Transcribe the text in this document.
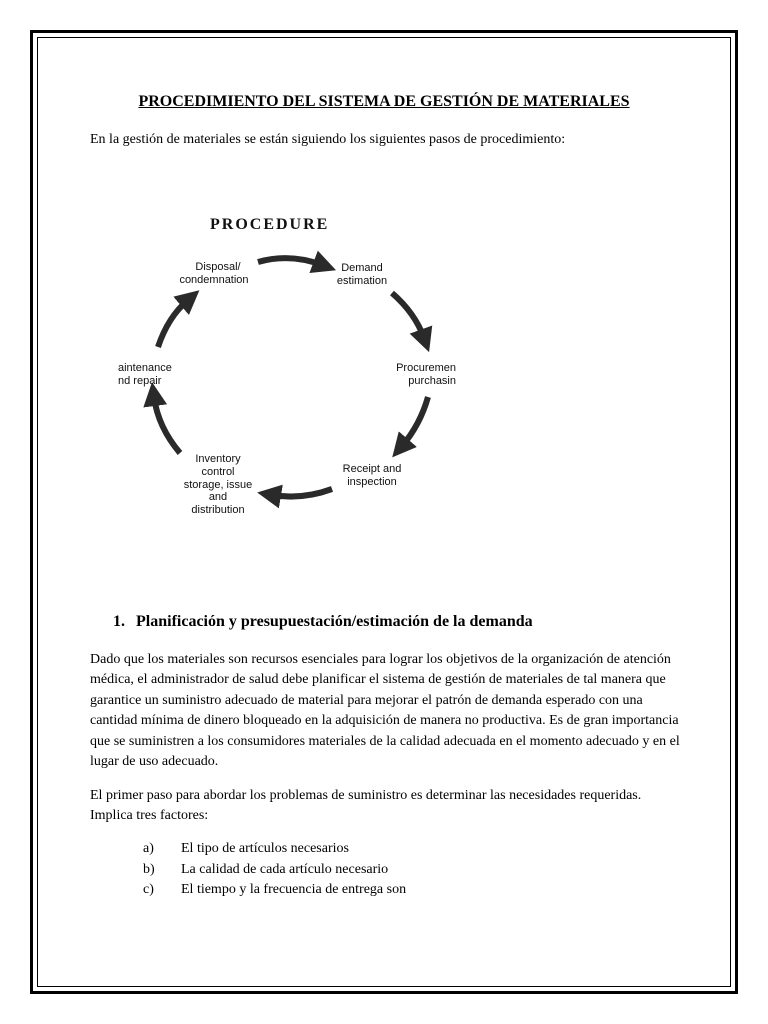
PROCEDIMIENTO DEL SISTEMA DE GESTIÓN DE MATERIALES

En la gestión de materiales se están siguiendo los siguientes pasos de procedimiento:

PROCEDURE
Disposal/
condemnation
Demand
estimation
Procuremen
purchasin
Receipt and
inspection
Inventory
control
storage, issue
and
distribution
aintenance
nd repair
1. Planificación y presupuestación/estimación de la demanda

Dado que los materiales son recursos esenciales para lograr los objetivos de la organización de atención médica, el administrador de salud debe planificar el sistema de gestión de materiales de tal manera que garantice un suministro adecuado de material para mejorar el patrón de demanda esperado con una cantidad mínima de dinero bloqueado en la adquisición de manera no productiva. Es de gran importancia que se suministren a los consumidores materiales de la calidad adecuada en el momento adecuado y en el lugar de uso adecuado.

El primer paso para abordar los problemas de suministro es determinar las necesidades requeridas. Implica tres factores:

a) El tipo de artículos necesarios
b) La calidad de cada artículo necesario
c) El tiempo y la frecuencia de entrega son
